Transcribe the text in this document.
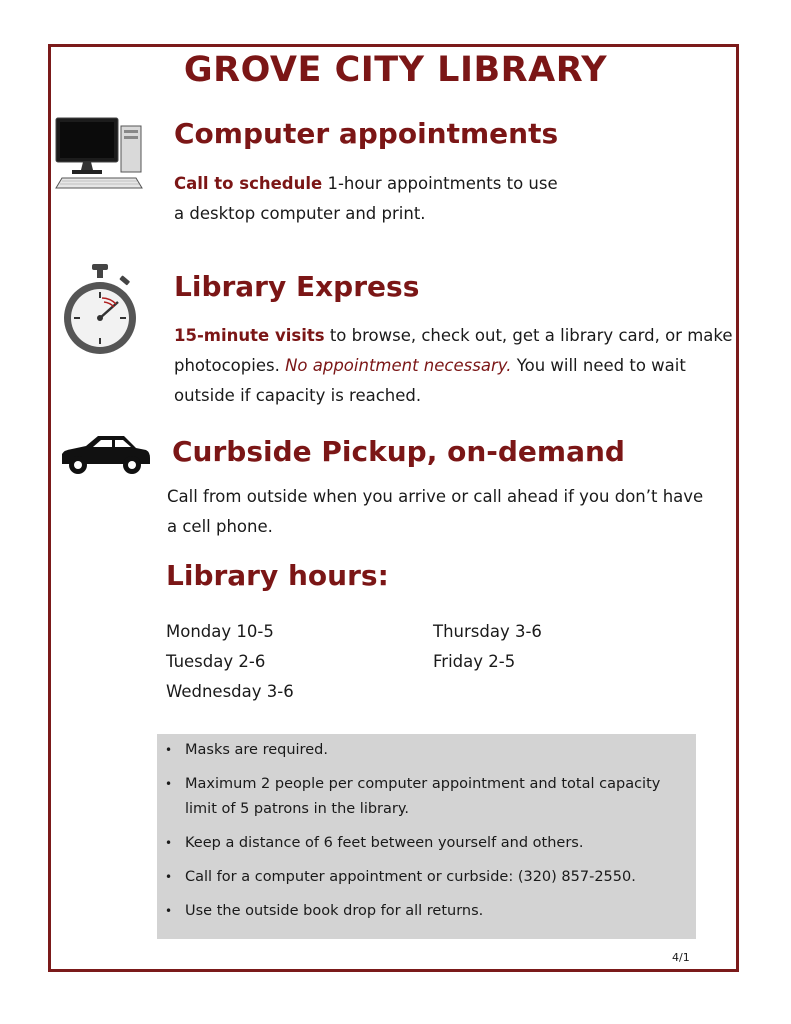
GROVE CITY LIBRARY
Computer appointments

Call to schedule 1-hour appointments to use
a desktop computer and print.

Library Express

15-minute visits to browse, check out, get a library card, or make
photocopies. No appointment necessary. You will need to wait
outside if capacity is reached.

Curbside Pickup, on-demand

Call from outside when you arrive or call ahead if you don’t have
a cell phone.

Library hours:
Monday 10-5
Tuesday 2-6
Wednesday 3-6
Thursday 3-6
Friday 2-5
• Masks are required.
• Maximum 2 people per computer appointment and total capacity limit of 5 patrons in the library.
• Keep a distance of 6 feet between yourself and others.
• Call for a computer appointment or curbside: (320) 857-2550.
• Use the outside book drop for all returns.
4/1
